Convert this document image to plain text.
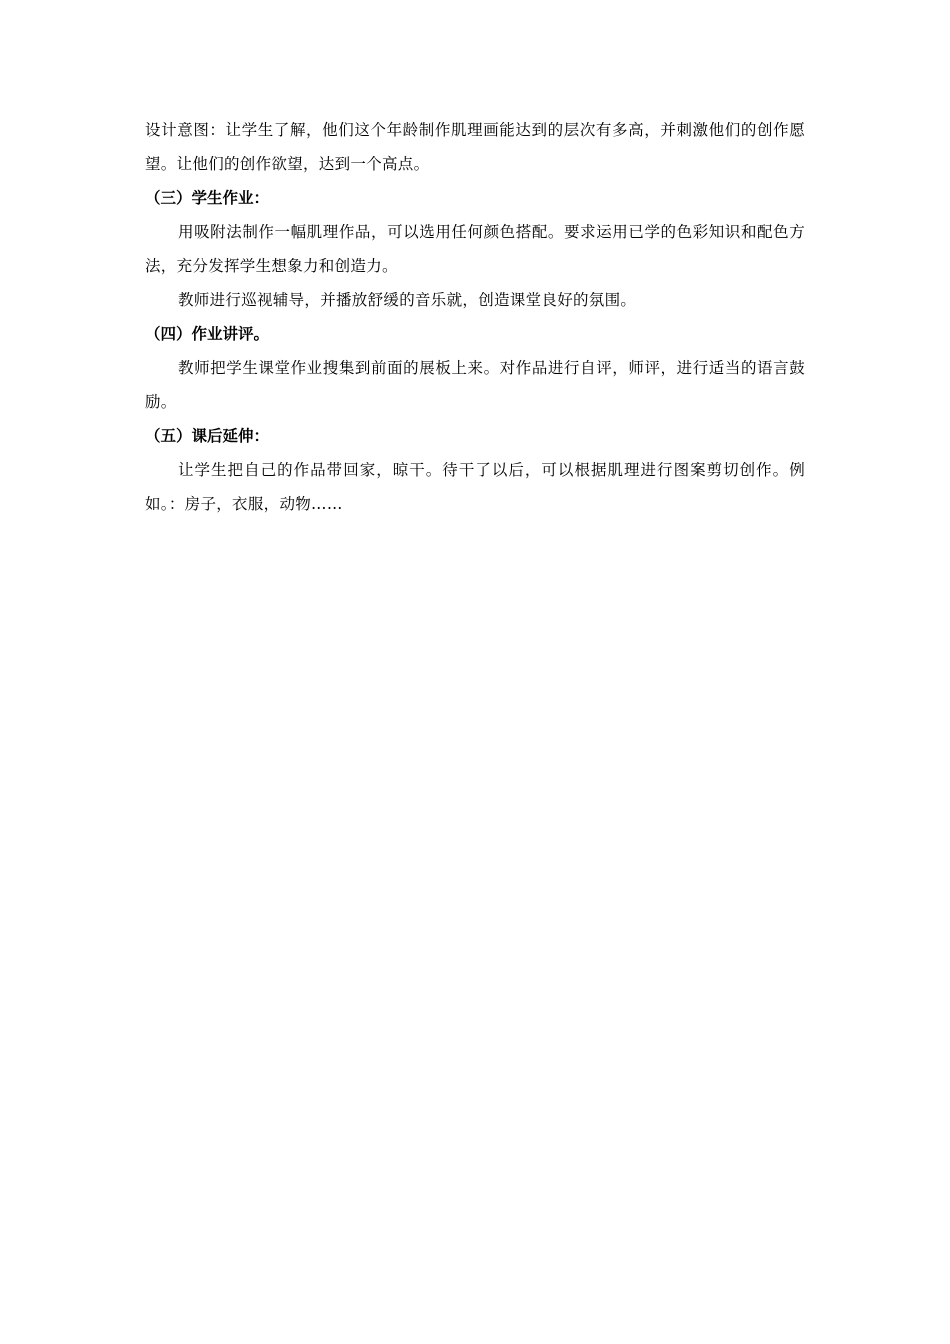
设计意图：让学生了解，他们这个年龄制作肌理画能达到的层次有多高，并刺激他们的创作愿望。让他们的创作欲望，达到一个高点。

（三）学生作业：

用吸附法制作一幅肌理作品，可以选用任何颜色搭配。要求运用已学的色彩知识和配色方法，充分发挥学生想象力和创造力。

教师进行巡视辅导，并播放舒缓的音乐就，创造课堂良好的氛围。

（四）作业讲评。

教师把学生课堂作业搜集到前面的展板上来。对作品进行自评，师评，进行适当的语言鼓励。

（五）课后延伸：

让学生把自己的作品带回家，晾干。待干了以后，可以根据肌理进行图案剪切创作。例如。：房子，衣服，动物……
